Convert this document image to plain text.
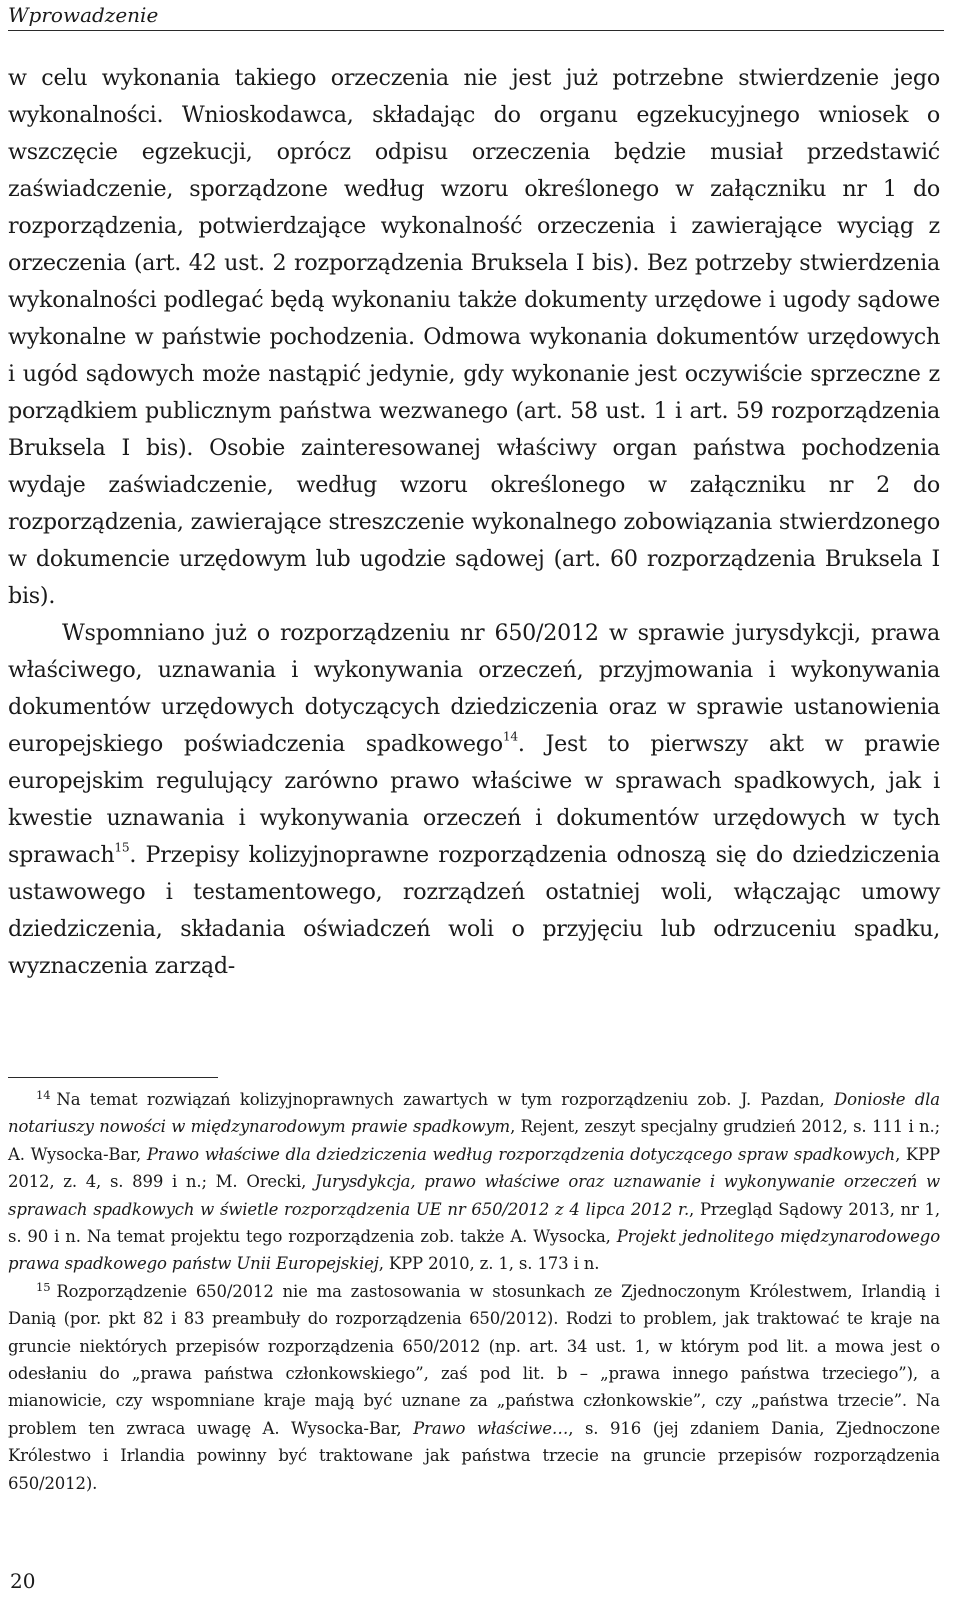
Wprowadzenie

w celu wykonania takiego orzeczenia nie jest już potrzebne stwierdzenie jego wykonalności. Wnioskodawca, składając do organu egzekucyjnego wniosek o wszczęcie egzekucji, oprócz odpisu orzeczenia będzie musiał przedstawić zaświadczenie, sporządzone według wzoru określonego w załączniku nr 1 do rozporządzenia, potwierdzające wykonalność orzeczenia i zawierające wyciąg z orzeczenia (art. 42 ust. 2 rozporządzenia Bruksela I bis). Bez potrzeby stwierdzenia wykonalności podlegać będą wykonaniu także dokumenty urzędowe i ugody sądowe wykonalne w państwie pochodzenia. Odmowa wykonania dokumentów urzędowych i ugód sądowych może nastąpić jedynie, gdy wykonanie jest oczywiście sprzeczne z porządkiem publicznym państwa wezwanego (art. 58 ust. 1 i art. 59 rozporządzenia Bruksela I bis). Osobie zainteresowanej właściwy organ państwa pochodzenia wydaje zaświadczenie, według wzoru określonego w załączniku nr 2 do rozporządzenia, zawierające streszczenie wykonalnego zobowiązania stwierdzonego w dokumencie urzędowym lub ugodzie sądowej (art. 60 rozporządzenia Bruksela I bis).

Wspomniano już o rozporządzeniu nr 650/2012 w sprawie jurysdykcji, prawa właściwego, uznawania i wykonywania orzeczeń, przyjmowania i wykonywania dokumentów urzędowych dotyczących dziedziczenia oraz w sprawie ustanowienia europejskiego poświadczenia spadkowego$^{14}$. Jest to pierwszy akt w prawie europejskim regulujący zarówno prawo właściwe w sprawach spadkowych, jak i kwestie uznawania i wykonywania orzeczeń i dokumentów urzędowych w tych sprawach$^{15}$. Przepisy kolizyjnoprawne rozporządzenia odnoszą się do dziedziczenia ustawowego i testamentowego, rozrządzeń ostatniej woli, włączając umowy dziedziczenia, składania oświadczeń woli o przyjęciu lub odrzuceniu spadku, wyznaczenia zarząd-

$^{14}$ Na temat rozwiązań kolizyjnoprawnych zawartych w tym rozporządzeniu zob. J. Pazdan, Doniosłe dla notariuszy nowości w międzynarodowym prawie spadkowym, Rejent, zeszyt specjalny grudzień 2012, s. 111 i n.; A. Wysocka-Bar, Prawo właściwe dla dziedziczenia według rozporządzenia dotyczącego spraw spadkowych, KPP 2012, z. 4, s. 899 i n.; M. Orecki, Jurysdykcja, prawo właściwe oraz uznawanie i wykonywanie orzeczeń w sprawach spadkowych w świetle rozporządzenia UE nr 650/2012 z 4 lipca 2012 r., Przegląd Sądowy 2013, nr 1, s. 90 i n. Na temat projektu tego rozporządzenia zob. także A. Wysocka, Projekt jednolitego międzynarodowego prawa spadkowego państw Unii Europejskiej, KPP 2010, z. 1, s. 173 i n.

$^{15}$ Rozporządzenie 650/2012 nie ma zastosowania w stosunkach ze Zjednoczonym Królestwem, Irlandią i Danią (por. pkt 82 i 83 preambuły do rozporządzenia 650/2012). Rodzi to problem, jak traktować te kraje na gruncie niektórych przepisów rozporządzenia 650/2012 (np. art. 34 ust. 1, w którym pod lit. a mowa jest o odesłaniu do „prawa państwa członkowskiego”, zaś pod lit. b – „prawa innego państwa trzeciego”), a mianowicie, czy wspomniane kraje mają być uznane za „państwa członkowskie”, czy „państwa trzecie”. Na problem ten zwraca uwagę A. Wysocka-Bar, Prawo właściwe…, s. 916 (jej zdaniem Dania, Zjednoczone Królestwo i Irlandia powinny być traktowane jak państwa trzecie na gruncie przepisów rozporządzenia 650/2012).

20
